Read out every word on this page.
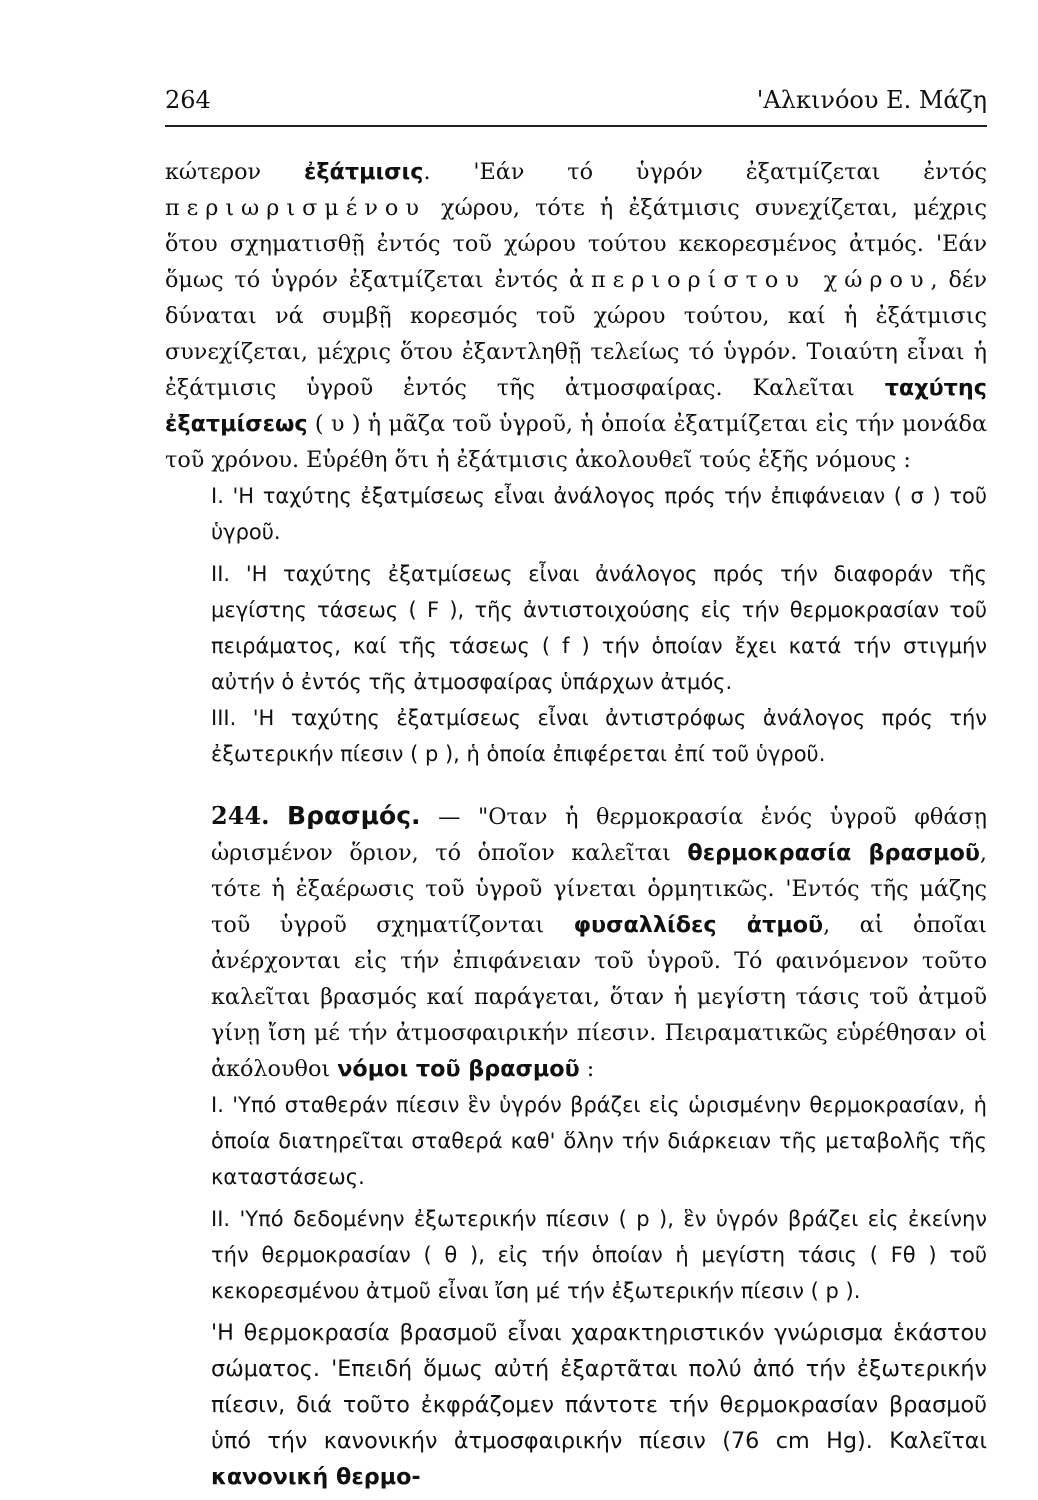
264	'Αλκινόου Ε. Μάζη

κώτερον ἐξάτμισις. 'Εάν τό ὑγρόν ἐξατμίζεται ἐντός περιωρισμένου χώρου, τότε ἡ ἐξάτμισις συνεχίζεται, μέχρις ὅτου σχηματισθῇ ἐντός τοῦ χώρου τούτου κεκορεσμένος ἀτμός. 'Εάν ὅμως τό ὑγρόν ἐξατμίζεται ἐντός ἀπεριορίστου χώρου, δέν δύναται νά συμβῇ κορεσμός τοῦ χώρου τούτου, καί ἡ ἐξάτμισις συνεχίζεται, μέχρις ὅτου ἐξαντληθῇ τελείως τό ὑγρόν. Τοιαύτη εἶναι ἡ ἐξάτμισις ὑγροῦ ἐντός τῆς ἀτμοσφαίρας. Καλεῖται ταχύτης ἐξατμίσεως ( υ ) ἡ μᾶζα τοῦ ὑγροῦ, ἡ ὁποία ἐξατμίζεται εἰς τήν μονάδα τοῦ χρόνου. Εὑρέθη ὅτι ἡ ἐξάτμισις ἀκολουθεῖ τούς ἑξῆς νόμους :

I. 'Η ταχύτης ἐξατμίσεως εἶναι ἀνάλογος πρός τήν ἐπιφάνειαν ( σ ) τοῦ ὑγροῦ.

II. 'Η ταχύτης ἐξατμίσεως εἶναι ἀνάλογος πρός τήν διαφοράν τῆς μεγίστης τάσεως ( F ), τῆς ἀντιστοιχούσης εἰς τήν θερμοκρασίαν τοῦ πειράματος, καί τῆς τάσεως ( f ) τήν ὁποίαν ἔχει κατά τήν στιγμήν αὐτήν ὁ ἐντός τῆς ἀτμοσφαίρας ὑπάρχων ἀτμός.

III. 'Η ταχύτης ἐξατμίσεως εἶναι ἀντιστρόφως ἀνάλογος πρός τήν ἐξωτερικήν πίεσιν ( p ), ἡ ὁποία ἐπιφέρεται ἐπί τοῦ ὑγροῦ.

244. Βρασμός. — "Οταν ἡ θερμοκρασία ἑνός ὑγροῦ φθάσῃ ὡρισμένον ὅριον, τό ὁποῖον καλεῖται θερμοκρασία βρασμοῦ, τότε ἡ ἐξαέρωσις τοῦ ὑγροῦ γίνεται ὁρμητικῶς. 'Εντός τῆς μάζης τοῦ ὑγροῦ σχηματίζονται φυσαλλίδες ἀτμοῦ, αἱ ὁποῖαι ἀνέρχονται εἰς τήν ἐπιφάνειαν τοῦ ὑγροῦ. Τό φαινόμενον τοῦτο καλεῖται βρασμός καί παράγεται, ὅταν ἡ μεγίστη τάσις τοῦ ἀτμοῦ γίνῃ ἴση μέ τήν ἀτμοσφαιρικήν πίεσιν. Πειραματικῶς εὑρέθησαν οἱ ἀκόλουθοι νόμοι τοῦ βρασμοῦ :

I. 'Υπό σταθεράν πίεσιν ἓν ὑγρόν βράζει εἰς ὡρισμένην θερμοκρασίαν, ἡ ὁποία διατηρεῖται σταθερά καθ' ὅλην τήν διάρκειαν τῆς μεταβολῆς τῆς καταστάσεως.

II. 'Υπό δεδομένην ἐξωτερικήν πίεσιν ( p ), ἓν ὑγρόν βράζει εἰς ἐκείνην τήν θερμοκρασίαν ( θ ), εἰς τήν ὁποίαν ἡ μεγίστη τάσις ( Fθ ) τοῦ κεκορεσμένου ἀτμοῦ εἶναι ἴση μέ τήν ἐξωτερικήν πίεσιν ( p ).

'Η θερμοκρασία βρασμοῦ εἶναι χαρακτηριστικόν γνώρισμα ἑκάστου σώματος. 'Επειδή ὅμως αὐτή ἐξαρτᾶται πολύ ἀπό τήν ἐξωτερικήν πίεσιν, διά τοῦτο ἐκφράζομεν πάντοτε τήν θερμοκρασίαν βρασμοῦ ὑπό τήν κανονικήν ἀτμοσφαιρικήν πίεσιν (76 cm Hg). Καλεῖται κανονική θερμο-
